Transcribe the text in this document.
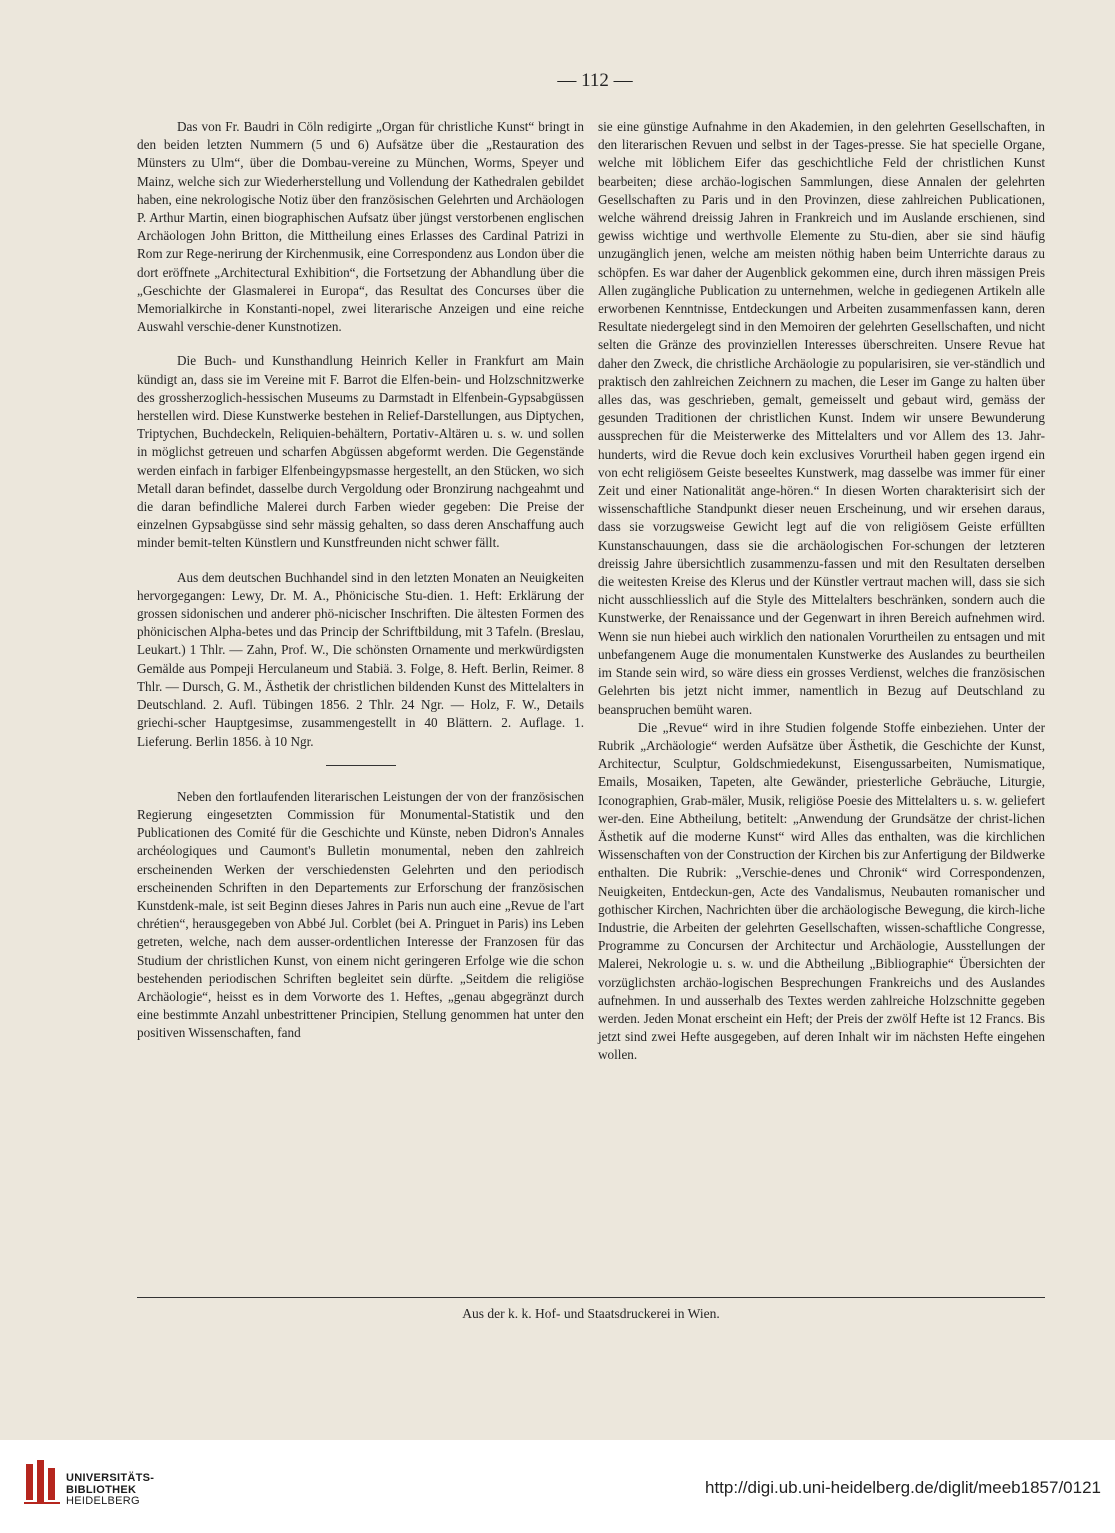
— 112 —

Das von Fr. Baudri in Cöln redigirte „Organ für christliche Kunst“ bringt in den beiden letzten Nummern (5 und 6) Aufsätze über die „Restauration des Münsters zu Ulm“, über die Dombau-vereine zu München, Worms, Speyer und Mainz, welche sich zur Wiederherstellung und Vollendung der Kathedralen gebildet haben, eine nekrologische Notiz über den französischen Gelehrten und Archäologen P. Arthur Martin, einen biographischen Aufsatz über jüngst verstorbenen englischen Archäologen John Britton, die Mittheilung eines Erlasses des Cardinal Patrizi in Rom zur Rege-nerirung der Kirchenmusik, eine Correspondenz aus London über die dort eröffnete „Architectural Exhibition“, die Fortsetzung der Abhandlung über die „Geschichte der Glasmalerei in Europa“, das Resultat des Concurses über die Memorialkirche in Konstanti-nopel, zwei literarische Anzeigen und eine reiche Auswahl verschie-dener Kunstnotizen.

Die Buch- und Kunsthandlung Heinrich Keller in Frankfurt am Main kündigt an, dass sie im Vereine mit F. Barrot die Elfen-bein- und Holzschnitzwerke des grossherzoglich-hessischen Museums zu Darmstadt in Elfenbein-Gypsabgüssen herstellen wird. Diese Kunstwerke bestehen in Relief-Darstellungen, aus Diptychen, Triptychen, Buchdeckeln, Reliquien-behältern, Portativ-Altären u. s. w. und sollen in möglichst getreuen und scharfen Abgüssen abgeformt werden. Die Gegenstände werden einfach in farbiger Elfenbeingypsmasse hergestellt, an den Stücken, wo sich Metall daran befindet, dasselbe durch Vergoldung oder Bronzirung nachgeahmt und die daran befindliche Malerei durch Farben wieder gegeben: Die Preise der einzelnen Gypsabgüsse sind sehr mässig gehalten, so dass deren Anschaffung auch minder bemit-telten Künstlern und Kunstfreunden nicht schwer fällt.

Aus dem deutschen Buchhandel sind in den letzten Monaten an Neuigkeiten hervorgegangen: Lewy, Dr. M. A., Phönicische Stu-dien. 1. Heft: Erklärung der grossen sidonischen und anderer phö-nicischer Inschriften. Die ältesten Formen des phönicischen Alpha-betes und das Princip der Schriftbildung, mit 3 Tafeln. (Breslau, Leukart.) 1 Thlr. — Zahn, Prof. W., Die schönsten Ornamente und merkwürdigsten Gemälde aus Pompeji Herculaneum und Stabiä. 3. Folge, 8. Heft. Berlin, Reimer. 8 Thlr. — Dursch, G. M., Ästhetik der christlichen bildenden Kunst des Mittelalters in Deutschland. 2. Aufl. Tübingen 1856. 2 Thlr. 24 Ngr. — Holz, F. W., Details griechi-scher Hauptgesimse, zusammengestellt in 40 Blättern. 2. Auflage. 1. Lieferung. Berlin 1856. à 10 Ngr.

Neben den fortlaufenden literarischen Leistungen der von der französischen Regierung eingesetzten Commission für Monumental-Statistik und den Publicationen des Comité für die Geschichte und Künste, neben Didron's Annales archéologiques und Caumont's Bulletin monumental, neben den zahlreich erscheinenden Werken der verschiedensten Gelehrten und den periodisch erscheinenden Schriften in den Departements zur Erforschung der französischen Kunstdenk-male, ist seit Beginn dieses Jahres in Paris nun auch eine „Revue de l'art chrétien“, herausgegeben von Abbé Jul. Corblet (bei A. Pringuet in Paris) ins Leben getreten, welche, nach dem ausser-ordentlichen Interesse der Franzosen für das Studium der christlichen Kunst, von einem nicht geringeren Erfolge wie die schon bestehenden periodischen Schriften begleitet sein dürfte. „Seitdem die religiöse Archäologie“, heisst es in dem Vorworte des 1. Heftes, „genau abgegränzt durch eine bestimmte Anzahl unbestrittener Principien, Stellung genommen hat unter den positiven Wissenschaften, fand

sie eine günstige Aufnahme in den Akademien, in den gelehrten Gesellschaften, in den literarischen Revuen und selbst in der Tages-presse. Sie hat specielle Organe, welche mit löblichem Eifer das geschichtliche Feld der christlichen Kunst bearbeiten; diese archäo-logischen Sammlungen, diese Annalen der gelehrten Gesellschaften zu Paris und in den Provinzen, diese zahlreichen Publicationen, welche während dreissig Jahren in Frankreich und im Auslande erschienen, sind gewiss wichtige und werthvolle Elemente zu Stu-dien, aber sie sind häufig unzugänglich jenen, welche am meisten nöthig haben beim Unterrichte daraus zu schöpfen. Es war daher der Augenblick gekommen eine, durch ihren mässigen Preis Allen zugängliche Publication zu unternehmen, welche in gediegenen Artikeln alle erworbenen Kenntnisse, Entdeckungen und Arbeiten zusammenfassen kann, deren Resultate niedergelegt sind in den Memoiren der gelehrten Gesellschaften, und nicht selten die Gränze des provinziellen Interesses überschreiten. Unsere Revue hat daher den Zweck, die christliche Archäologie zu popularisiren, sie ver-ständlich und praktisch den zahlreichen Zeichnern zu machen, die Leser im Gange zu halten über alles das, was geschrieben, gemalt, gemeisselt und gebaut wird, gemäss der gesunden Traditionen der christlichen Kunst. Indem wir unsere Bewunderung aussprechen für die Meisterwerke des Mittelalters und vor Allem des 13. Jahr-hunderts, wird die Revue doch kein exclusives Vorurtheil haben gegen irgend ein von echt religiösem Geiste beseeltes Kunstwerk, mag dasselbe was immer für einer Zeit und einer Nationalität ange-hören.“ In diesen Worten charakterisirt sich der wissenschaftliche Standpunkt dieser neuen Erscheinung, und wir ersehen daraus, dass sie vorzugsweise Gewicht legt auf die von religiösem Geiste erfüllten Kunstanschauungen, dass sie die archäologischen For-schungen der letzteren dreissig Jahre übersichtlich zusammenzu-fassen und mit den Resultaten derselben die weitesten Kreise des Klerus und der Künstler vertraut machen will, dass sie sich nicht ausschliesslich auf die Style des Mittelalters beschränken, sondern auch die Kunstwerke, der Renaissance und der Gegenwart in ihren Bereich aufnehmen wird. Wenn sie nun hiebei auch wirklich den nationalen Vorurtheilen zu entsagen und mit unbefangenem Auge die monumentalen Kunstwerke des Auslandes zu beurtheilen im Stande sein wird, so wäre diess ein grosses Verdienst, welches die französischen Gelehrten bis jetzt nicht immer, namentlich in Bezug auf Deutschland zu beanspruchen bemüht waren.

Die „Revue“ wird in ihre Studien folgende Stoffe einbeziehen. Unter der Rubrik „Archäologie“ werden Aufsätze über Ästhetik, die Geschichte der Kunst, Architectur, Sculptur, Goldschmiedekunst, Eisengussarbeiten, Numismatique, Emails, Mosaiken, Tapeten, alte Gewänder, priesterliche Gebräuche, Liturgie, Iconographien, Grab-mäler, Musik, religiöse Poesie des Mittelalters u. s. w. geliefert wer-den. Eine Abtheilung, betitelt: „Anwendung der Grundsätze der christ-lichen Ästhetik auf die moderne Kunst“ wird Alles das enthalten, was die kirchlichen Wissenschaften von der Construction der Kirchen bis zur Anfertigung der Bildwerke enthalten. Die Rubrik: „Verschie-denes und Chronik“ wird Correspondenzen, Neuigkeiten, Entdeckun-gen, Acte des Vandalismus, Neubauten romanischer und gothischer Kirchen, Nachrichten über die archäologische Bewegung, die kirch-liche Industrie, die Arbeiten der gelehrten Gesellschaften, wissen-schaftliche Congresse, Programme zu Concursen der Architectur und Archäologie, Ausstellungen der Malerei, Nekrologie u. s. w. und die Abtheilung „Bibliographie“ Übersichten der vorzüglichsten archäo-logischen Besprechungen Frankreichs und des Auslandes aufnehmen. In und ausserhalb des Textes werden zahlreiche Holzschnitte gegeben werden. Jeden Monat erscheint ein Heft; der Preis der zwölf Hefte ist 12 Francs. Bis jetzt sind zwei Hefte ausgegeben, auf deren Inhalt wir im nächsten Hefte eingehen wollen.

Aus der k. k. Hof- und Staatsdruckerei in Wien.
UNIVERSITÄTS-
BIBLIOTHEK
HEIDELBERG
http://digi.ub.uni-heidelberg.de/diglit/meeb1857/0121
